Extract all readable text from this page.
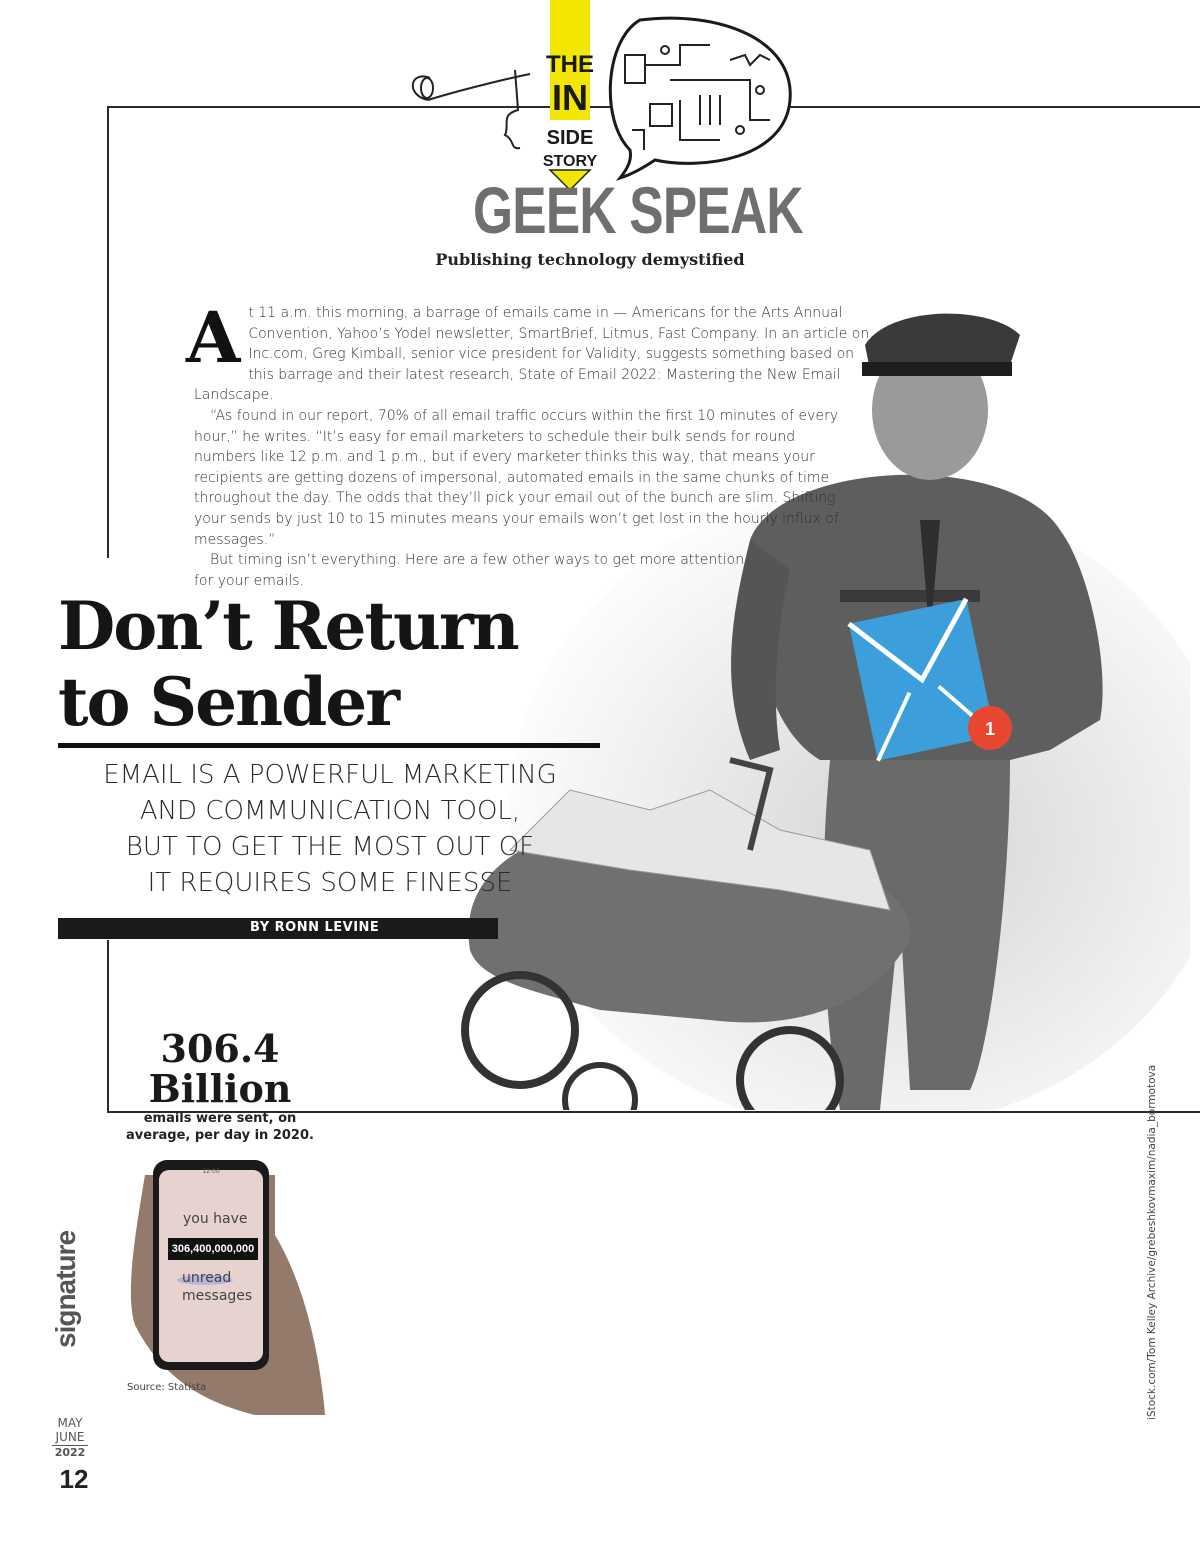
THE
IN
SIDE
STORY
GEEK SPEAK
Publishing technology demystified
1

At 11 a.m. this morning, a barrage of emails came in — Americans for the Arts Annual Convention, Yahoo’s Yodel newsletter, SmartBrief, Litmus, Fast Company. In an article on Inc.com, Greg Kimball, senior vice president for Validity, suggests something based on this barrage and their latest research, State of Email 2022: Mastering the New Email Landscape.

“As found in our report, 70% of all email traffic occurs within the first 10 minutes of every hour,” he writes. “It’s easy for email marketers to schedule their bulk sends for round numbers like 12 p.m. and 1 p.m., but if every marketer thinks this way, that means your recipients are getting dozens of impersonal, automated emails in the same chunks of time throughout the day. The odds that they’ll pick your email out of the bunch are slim. Shifting your sends by just 10 to 15 minutes means your emails won’t get lost in the hourly influx of messages.”

But timing isn’t everything. Here are a few other ways to get more attention for your emails.

Don’t Return
to Sender
EMAIL IS A POWERFUL MARKETING
AND COMMUNICATION TOOL,
BUT TO GET THE MOST OUT OF
IT REQUIRES SOME FINESSE
BY RONN LEVINE
306.4
Billion
emails were sent, on
average, per day in 2020.
12:00
you have
306,400,000,000
unread
messages
Source: Statista
signature
MAY
JUNE
2022
12
iStock.com/Tom Kelley Archive/grebeshkovmaxim/nadia_bormotova
